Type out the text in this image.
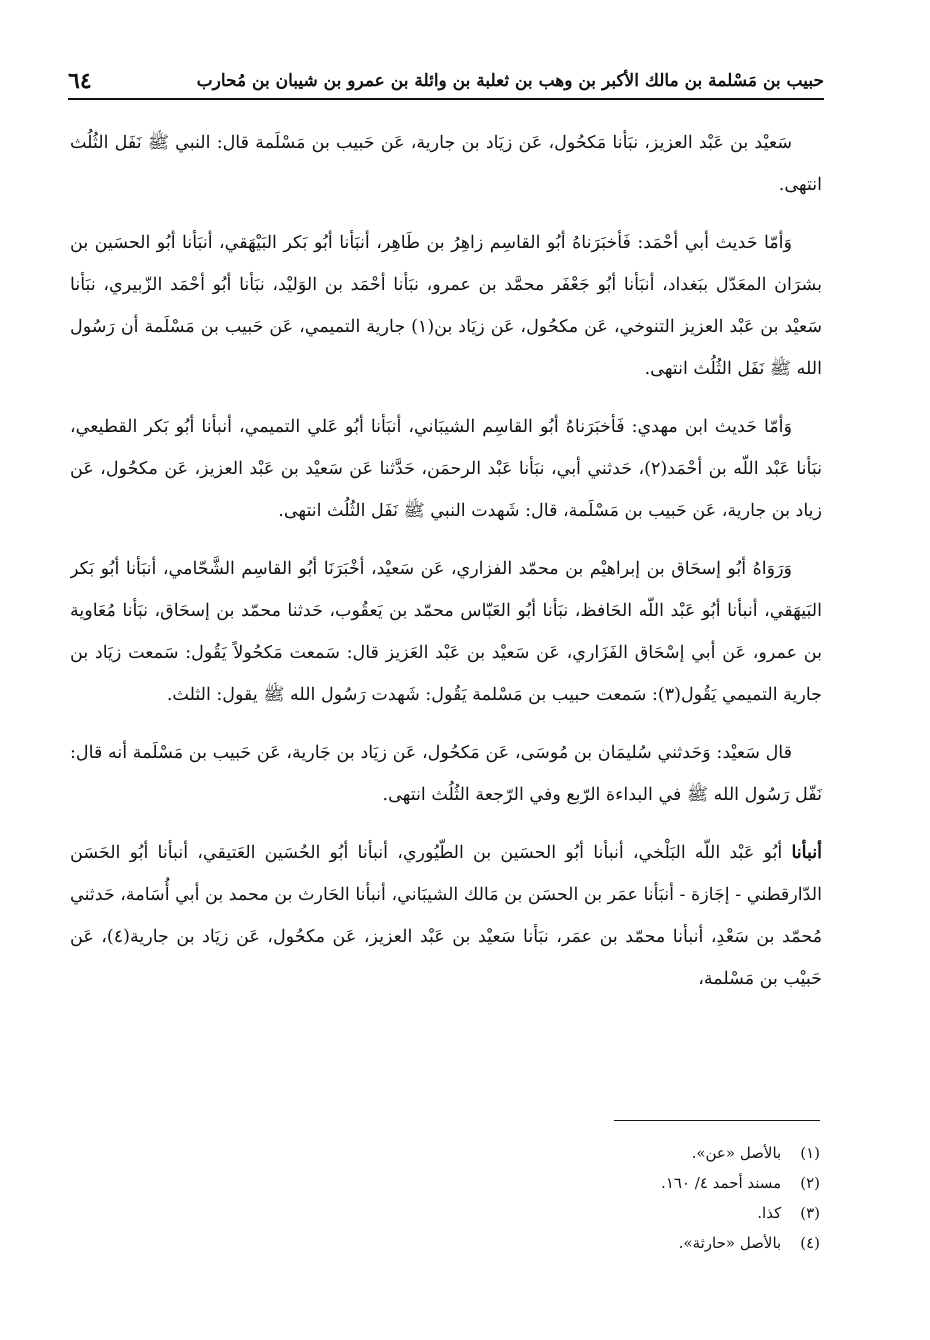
حبيب بن مَسْلمة بن مالك الأكبر بن وهب بن ثعلبة بن وائلة بن عمرو بن شيبان بن مُحارب
٦٤

سَعيْد بن عَبْد العزيز، نبَأنا مَكحُول، عَن زيَاد بن جارية، عَن حَبيب بن مَسْلَمة قال: النبي ﷺ نَفَل الثُلُث انتهى.

وَأمّا حَديث أبي أحْمَد: فَأخبَرَناهُ أبُو القاسِم زاهِرُ بن طَاهِر، أنبَأنا أبُو بَكر البَيْهَقي، أنبَأنا أبُو الحسَين بن بشرَان المعَدّل ببَغداد، أنبَأنا أبُو جَعْفَر محمَّد بن عمرو، نبَأنا أحْمَد بن الوَليْد، نبَأنا أبُو أحْمَد الزّبيري، نبَأنا سَعيْد بن عَبْد العزيز التنوخي، عَن مكحُول، عَن زيَاد بن(١) جارية التميمي، عَن حَبيب بن مَسْلَمة أن رَسُول الله ﷺ نَفَل الثُلُث انتهى.

وَأمّا حَديث ابن مهدي: فَأخبَرَناهُ أبُو القاسِم الشيبَاني، أنبَأنا أبُو عَلي التميمي، أنبأنا أبُو بَكر القطيعي، نبَأنا عَبْد اللّه بن أحْمَد(٢)، حَدثني أبي، نبَأنا عَبْد الرحمَن، حَدَّثنا عَن سَعيْد بن عَبْد العزيز، عَن مكحُول، عَن زياد بن جارية، عَن حَبيب بن مَسْلَمة، قال: شَهدت النبي ﷺ نَفَل الثُلُث انتهى.

وَرَوَاهُ أبُو إسحَاق بن إبراهيْم بن محمّد الفزاري، عَن سَعيْد، أخْبَرَنَا أبُو القاسِم الشَّحّامي، أنبَأنا أبُو بَكر البَيهَقي، أنبأنا أبُو عَبْد اللّه الحَافظ، نبَأنا أبُو العَبّاس محمّد بن يَعقُوب، حَدثنا محمّد بن إسحَاق، نبَأنا مُعَاوية بن عمرو، عَن أبي إسْحَاق الفَزَاري، عَن سَعيْد بن عَبْد العَزيز قال: سَمعت مَكحُولاً يَقُول: سَمعت زيَاد بن جارية التميمي يَقُول(٣): سَمعت حبيب بن مَسْلمة يَقُول: شَهدت رَسُول الله ﷺ يقول: الثلث.

قال سَعيْد: وَحَدثني سُليمَان بن مُوسَى، عَن مَكحُول، عَن زيَاد بن جَارية، عَن حَبيب بن مَسْلَمة أنه قال: نَفّل رَسُول الله ﷺ في البداءة الرّبع وفي الرّجعة الثُلُث انتهى.

أنبأنا أبُو عَبْد اللّه البَلْخي، أنبأنا أبُو الحسَين بن الطّيُوري، أنبأنا أبُو الحُسَين العَتيقي، أنبأنا أبُو الحَسَن الدّارقطني - إجَازة - أنبَأنا عمَر بن الحسَن بن مَالك الشيبَاني، أنبأنا الحَارث بن محمد بن أبي أُسَامة، حَدثني مُحمّد بن سَعْدِ، أنبأنا محمّد بن عمَر، نبَأنا سَعيْد بن عَبْد العزيز، عَن مكحُول، عَن زيَاد بن جارية(٤)، عَن حَبيْب بن مَسْلمة،

(١) بالأصل «عن».
(٢) مسند أحمد ٤/ ١٦٠.
(٣) كذا.
(٤) بالأصل «حارثة».
